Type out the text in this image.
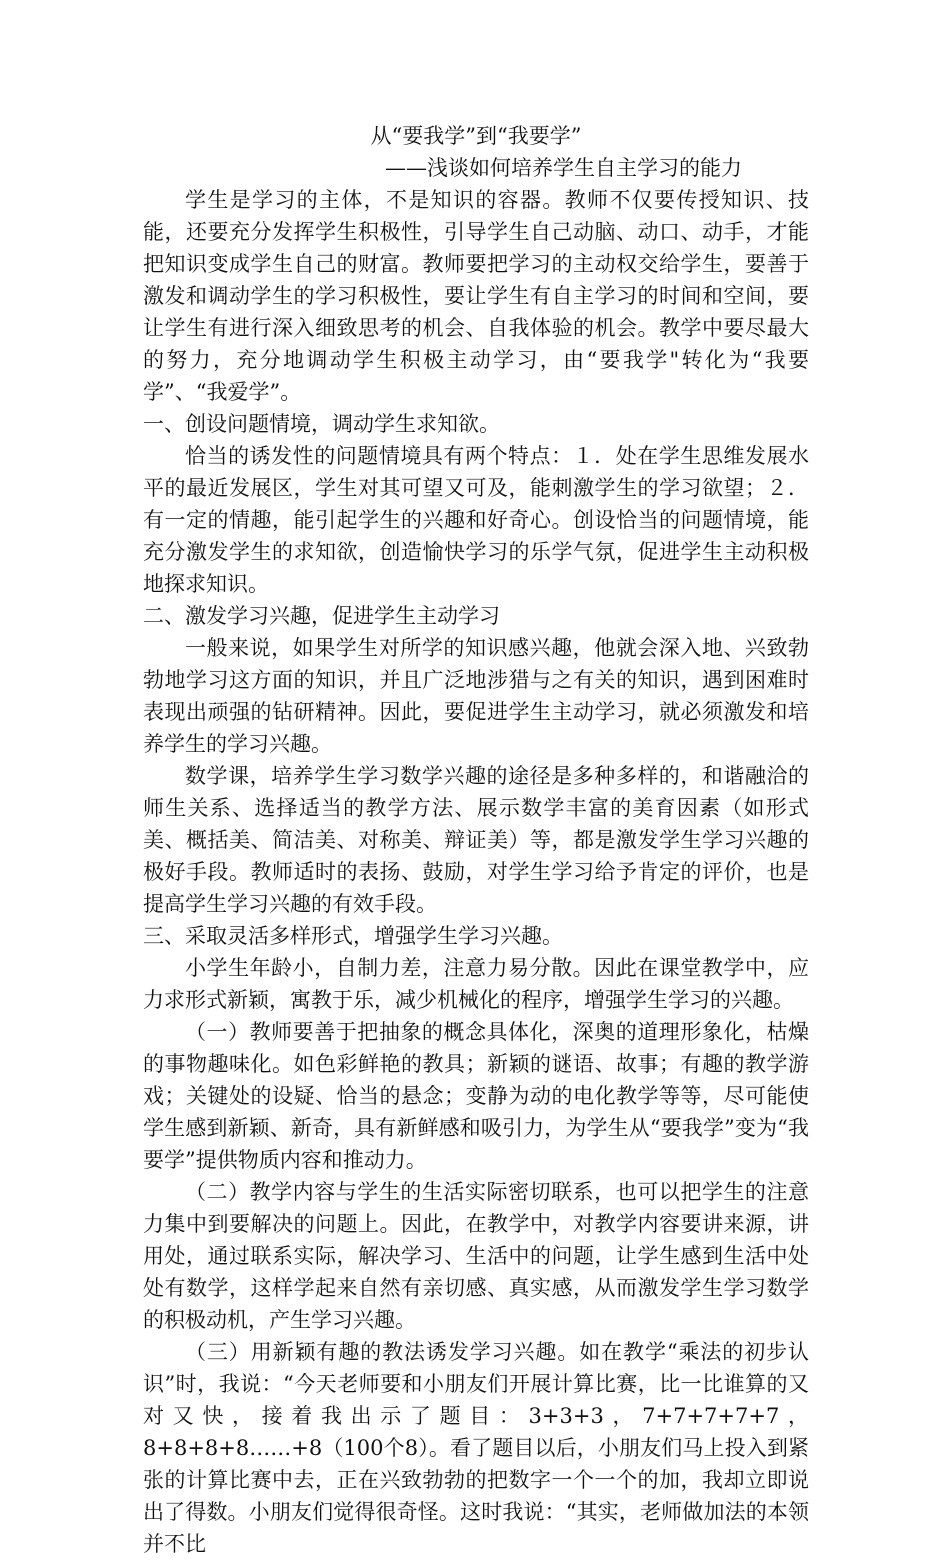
从“要我学”到“我要学”

——浅谈如何培养学生自主学习的能力

学生是学习的主体，不是知识的容器。教师不仅要传授知识、技能，还要充分发挥学生积极性，引导学生自己动脑、动口、动手，才能把知识变成学生自己的财富。教师要把学习的主动权交给学生，要善于激发和调动学生的学习积极性，要让学生有自主学习的时间和空间，要让学生有进行深入细致思考的机会、自我体验的机会。教学中要尽最大的努力，充分地调动学生积极主动学习，由“要我学"转化为“我要学”、“我爱学”。

一、创设问题情境，调动学生求知欲。

恰当的诱发性的问题情境具有两个特点：１．处在学生思维发展水平的最近发展区，学生对其可望又可及，能刺激学生的学习欲望；２．有一定的情趣，能引起学生的兴趣和好奇心。创设恰当的问题情境，能充分激发学生的求知欲，创造愉快学习的乐学气氛，促进学生主动积极地探求知识。

二、激发学习兴趣，促进学生主动学习

一般来说，如果学生对所学的知识感兴趣，他就会深入地、兴致勃勃地学习这方面的知识，并且广泛地涉猎与之有关的知识，遇到困难时表现出顽强的钻研精神。因此，要促进学生主动学习，就必须激发和培养学生的学习兴趣。

数学课，培养学生学习数学兴趣的途径是多种多样的，和谐融洽的师生关系、选择适当的教学方法、展示数学丰富的美育因素（如形式美、概括美、简洁美、对称美、辩证美）等，都是激发学生学习兴趣的极好手段。教师适时的表扬、鼓励，对学生学习给予肯定的评价，也是提高学生学习兴趣的有效手段。

三、采取灵活多样形式，增强学生学习兴趣。

小学生年龄小，自制力差，注意力易分散。因此在课堂教学中，应力求形式新颖，寓教于乐，减少机械化的程序，增强学生学习的兴趣。

（一）教师要善于把抽象的概念具体化，深奥的道理形象化，枯燥的事物趣味化。如色彩鲜艳的教具；新颖的谜语、故事；有趣的教学游戏；关键处的设疑、恰当的悬念；变静为动的电化教学等等，尽可能使学生感到新颖、新奇，具有新鲜感和吸引力，为学生从“要我学”变为“我要学”提供物质内容和推动力。

（二）教学内容与学生的生活实际密切联系，也可以把学生的注意力集中到要解决的问题上。因此，在教学中，对教学内容要讲来源，讲用处，通过联系实际，解决学习、生活中的问题，让学生感到生活中处处有数学，这样学起来自然有亲切感、真实感，从而激发学生学习数学的积极动机，产生学习兴趣。

（三）用新颖有趣的教法诱发学习兴趣。如在教学“乘法的初步认识”时，我说：“今天老师要和小朋友们开展计算比赛，比一比谁算的又对又快，接着我出示了题目：3+3+3，7+7+7+7+7，8+8+8+8……+8（100个8）。看了题目以后，小朋友们马上投入到紧张的计算比赛中去，正在兴致勃勃的把数字一个一个的加，我却立即说出了得数。小朋友们觉得很奇怪。这时我说：“其实，老师做加法的本领并不比
